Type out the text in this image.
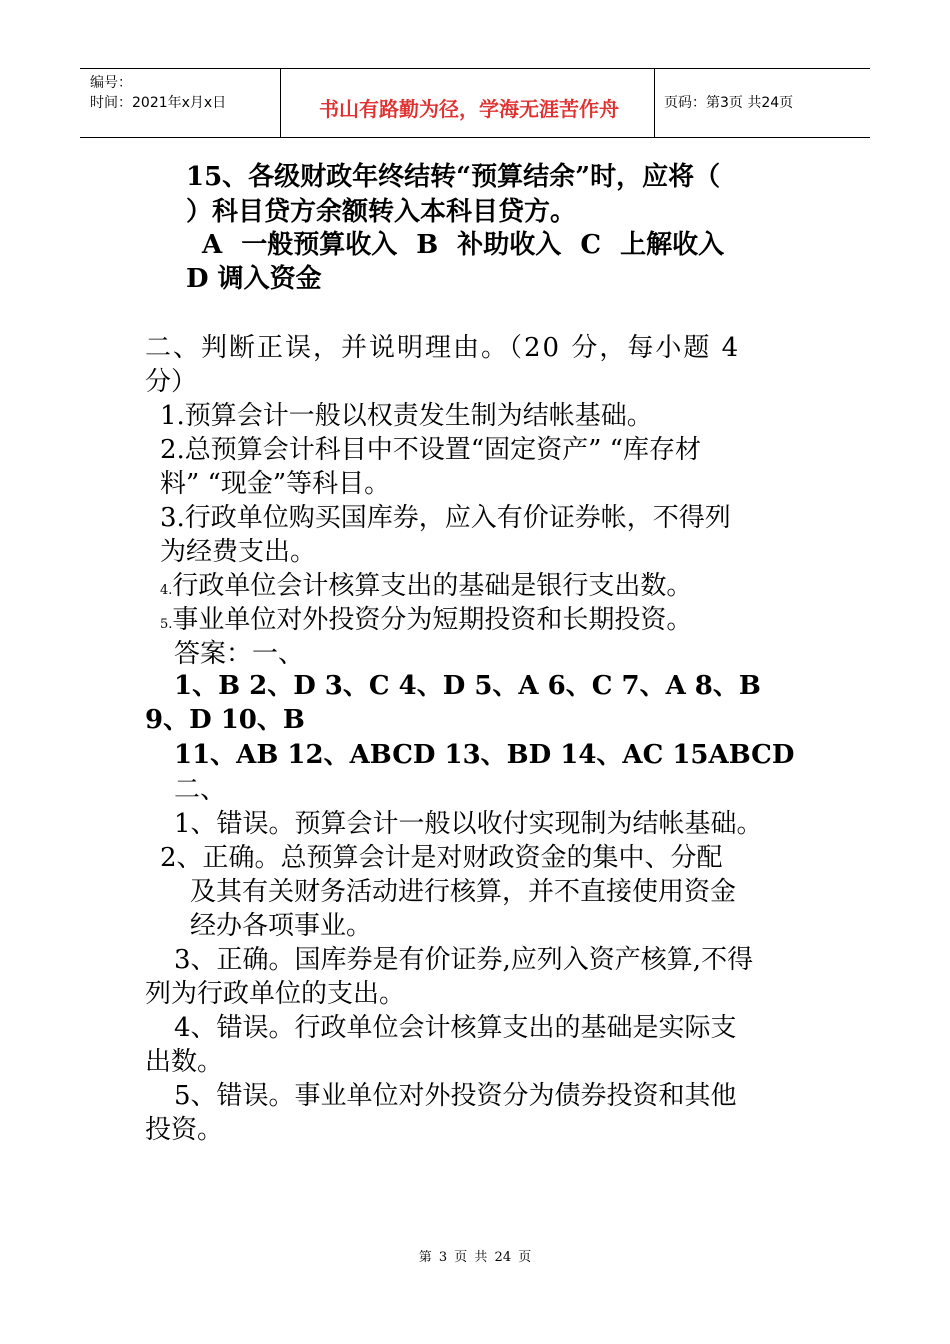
编号：
时间：2021年x月x日	书山有路勤为径，学海无涯苦作舟	页码：第3页 共24页
15、各级财政年终结转“预算结余”时，应将（
）科目贷方余额转入本科目贷方。
A 一般预算收入 B 补助收入 C 上解收入
D 调入资金
二、判断正误，并说明理由。（20 分，每小题 4
分）
1.预算会计一般以权责发生制为结帐基础。
2.总预算会计科目中不设置“固定资产” “库存材
料” “现金”等科目。
3.行政单位购买国库券，应入有价证券帐，不得列
为经费支出。
4.行政单位会计核算支出的基础是银行支出数。
5.事业单位对外投资分为短期投资和长期投资。
答案：一、
1、B 2、D 3、C 4、D 5、A 6、C 7、A 8、B
9、D 10、B
11、AB 12、ABCD 13、BD 14、AC 15ABCD
二、
1、错误。预算会计一般以收付实现制为结帐基础。
2、正确。总预算会计是对财政资金的集中、分配
及其有关财务活动进行核算，并不直接使用资金
经办各项事业。
3、正确。国库券是有价证券,应列入资产核算,不得
列为行政单位的支出。
4、错误。行政单位会计核算支出的基础是实际支
出数。
5、错误。事业单位对外投资分为债券投资和其他
投资。
第 3 页 共 24 页
